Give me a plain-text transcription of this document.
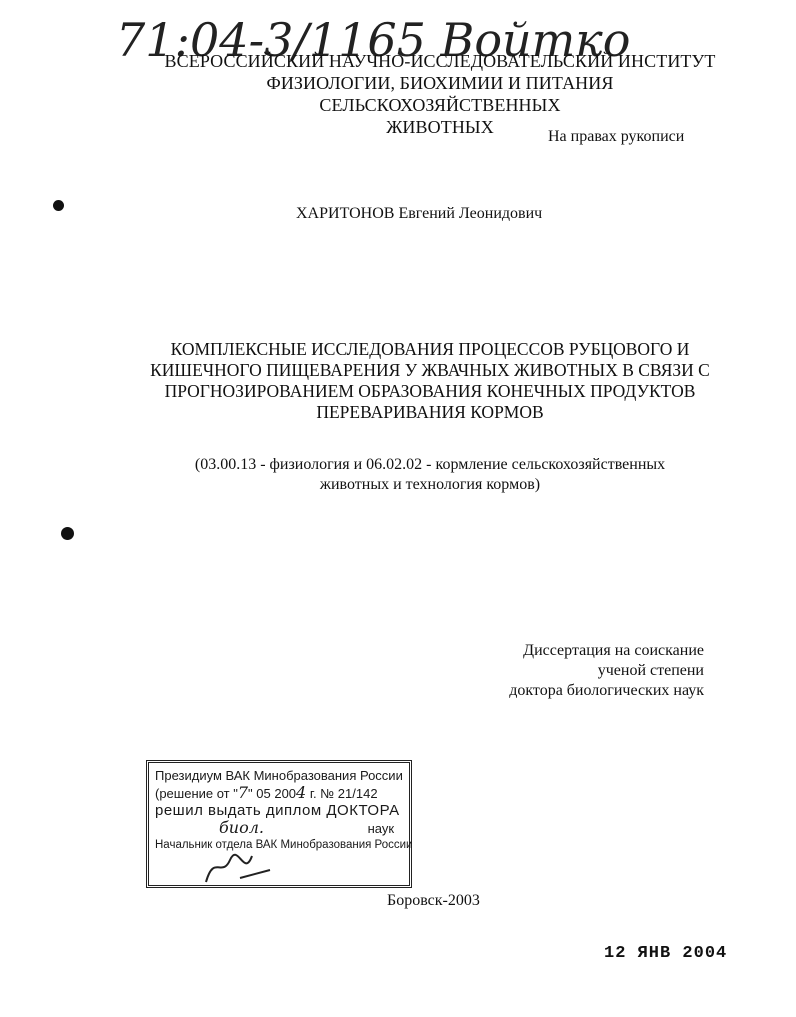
71:04-3/1165 Войтко
ВСЕРОССИЙСКИЙ НАУЧНО-ИССЛЕДОВАТЕЛЬСКИЙ ИНСТИТУТ
ФИЗИОЛОГИИ, БИОХИМИИ И ПИТАНИЯ СЕЛЬСКОХОЗЯЙСТВЕННЫХ
ЖИВОТНЫХ	На правах рукописи
ХАРИТОНОВ Евгений Леонидович
КОМПЛЕКСНЫЕ ИССЛЕДОВАНИЯ ПРОЦЕССОВ РУБЦОВОГО И
КИШЕЧНОГО ПИЩЕВАРЕНИЯ У ЖВАЧНЫХ ЖИВОТНЫХ В СВЯЗИ С
ПРОГНОЗИРОВАНИЕМ ОБРАЗОВАНИЯ КОНЕЧНЫХ ПРОДУКТОВ
ПЕРЕВАРИВАНИЯ КОРМОВ
(03.00.13 - физиология и 06.02.02 - кормление сельскохозяйственных
животных и технология кормов)
Диссертация на соискание
ученой степени
доктора биологических наук
Президиум ВАК Минобразования России
(решение от "7" 05 2004 г. № 21/142
решил выдать диплом ДОКТОРА
биол.	наук
Начальник отдела ВАК Минобразования России
Боровск-2003
12 ЯНВ 2004
